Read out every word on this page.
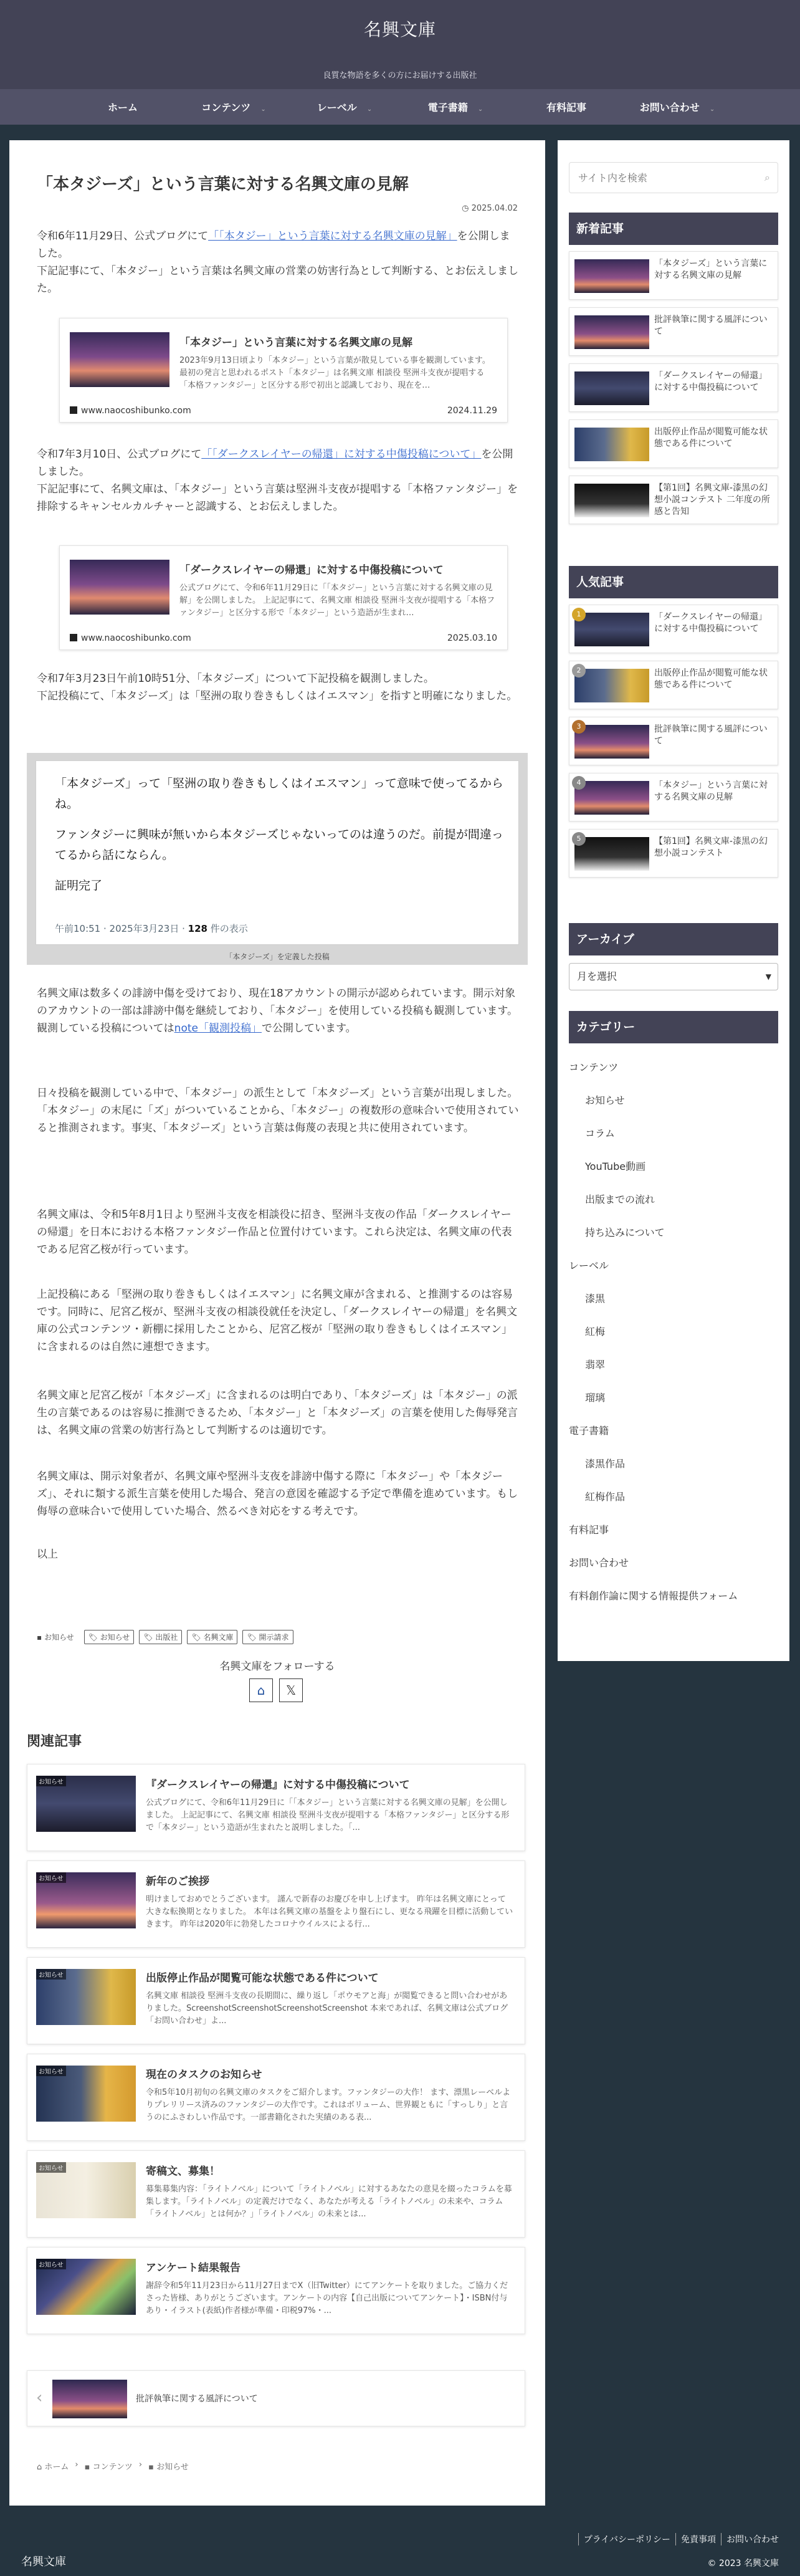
名興文庫
良質な物語を多くの方にお届けする出版社
ホーム	コンテンツ ⌄	レーベル ⌄	電子書籍 ⌄	有料記事	お問い合わせ ⌄
「本タジーズ」という言葉に対する名興文庫の見解
◷ 2025.04.02
令和6年11月29日、公式ブログにて「「本タジー」という言葉に対する名興文庫の見解」を公開しました。
下記記事にて、「本タジー」という言葉は名興文庫の営業の妨害行為として判断する、とお伝えしました。
「本タジー」という言葉に対する名興文庫の見解
2023年9月13日頃より「本タジー」という言葉が散見している事を観測しています。最初の発言と思われるポスト「本タジー」は名興文庫 相談役 堅洲斗支夜が提唱する「本格ファンタジー」と区分する形で初出と認識しており、現在を…
www.naocoshibunko.com	2024.11.29
令和7年3月10日、公式ブログにて「「ダークスレイヤーの帰還」に対する中傷投稿について」を公開しました。
下記記事にて、名興文庫は、「本タジー」という言葉は堅洲斗支夜が提唱する「本格ファンタジー」を排除するキャンセルカルチャーと認識する、とお伝えしました。
「ダークスレイヤーの帰還」に対する中傷投稿について
公式ブログにて、令和6年11月29日に「「本タジー」という言葉に対する名興文庫の見解」を公開しました。 上記記事にて、名興文庫 相談役 堅洲斗支夜が提唱する「本格ファンタジー」と区分する形で「本タジー」という造語が生まれ…
www.naocoshibunko.com	2025.03.10
令和7年3月23日午前10時51分、「本タジーズ」について下記投稿を観測しました。
下記投稿にて、「本タジーズ」は「堅洲の取り巻きもしくはイエスマン」を指すと明確になりました。
「本タジーズ」って「堅洲の取り巻きもしくはイエスマン」って意味で使ってるからね。
ファンタジーに興味が無いから本タジーズじゃないってのは違うのだ。前提が間違ってるから話にならん。
証明完了
午前10:51 · 2025年3月23日 · 128 件の表示
「本タジーズ」を定義した投稿
名興文庫は数多くの誹謗中傷を受けており、現在18アカウントの開示が認められています。開示対象のアカウントの一部は誹謗中傷を継続しており、「本タジー」を使用している投稿も観測しています。
観測している投稿についてはnote「観測投稿」で公開しています。
日々投稿を観測している中で、「本タジー」の派生として「本タジーズ」という言葉が出現しました。
「本タジー」の末尾に「ズ」がついていることから、「本タジー」の複数形の意味合いで使用されていると推測されます。事実、「本タジーズ」という言葉は侮蔑の表現と共に使用されています。
名興文庫は、令和5年8月1日より堅洲斗支夜を相談役に招き、堅洲斗支夜の作品「ダークスレイヤーの帰還」を日本における本格ファンタジー作品と位置付けています。これら決定は、名興文庫の代表である尼宮乙桜が行っています。
上記投稿にある「堅洲の取り巻きもしくはイエスマン」に名興文庫が含まれる、と推測するのは容易です。同時に、尼宮乙桜が、堅洲斗支夜の相談役就任を決定し、「ダークスレイヤーの帰還」を名興文庫の公式コンテンツ・新棚に採用したことから、尼宮乙桜が「堅洲の取り巻きもしくはイエスマン」に含まれるのは自然に連想できます。
名興文庫と尼宮乙桜が「本タジーズ」に含まれるのは明白であり、「本タジーズ」は「本タジー」の派生の言葉であるのは容易に推測できるため、「本タジー」と「本タジーズ」の言葉を使用した侮辱発言は、名興文庫の営業の妨害行為として判断するのは適切です。
名興文庫は、開示対象者が、名興文庫や堅洲斗支夜を誹謗中傷する際に「本タジー」や「本タジーズ」、それに類する派生言葉を使用した場合、発言の意図を確認する予定で準備を進めています。もし侮辱の意味合いで使用していた場合、然るべき対応をする考えです。
以上
▪ お知らせ	🏷 お知らせ	🏷 出版社	🏷 名興文庫	🏷 開示請求
名興文庫をフォローする
⌂	𝕏
関連記事
お知らせ	『ダークスレイヤーの帰還』に対する中傷投稿について
公式ブログにて、令和6年11月29日に「「本タジー」という言葉に対する名興文庫の見解」を公開しました。 上記記事にて、名興文庫 相談役 堅洲斗支夜が提唱する「本格ファンタジー」と区分する形で「本タジー」という造語が生まれたと説明しました。「...
お知らせ	新年のご挨拶
明けましておめでとうございます。 謹んで新春のお慶びを申し上げます。 昨年は名興文庫にとって大きな転換期となりました。 本年は名興文庫の基盤をより盤石にし、更なる飛躍を目標に活動していきます。 昨年は2020年に勃発したコロナウイルスによる行...
お知らせ	出版停止作品が閲覧可能な状態である件について
名興文庫 相談役 堅洲斗支夜の長期間に、繰り返し「ポウモアと海」が閲覧できると問い合わせがありました。ScreenshotScreenshotScreenshotScreenshot 本来であれば、名興文庫は公式ブログ「お問い合わせ」よ...
お知らせ	現在のタスクのお知らせ
令和5年10月初旬の名興文庫のタスクをご紹介します。ファンタジーの大作！ ます、漂黒レーベルよりプレリリース済みのファンタジーの大作です。これはボリューム、世界観ともに「すっしり」と言うのにふさわしい作品です。一部書籍化された実績のある表...
お知らせ	寄稿文、募集！
募集募集内容：「ライトノベル」について「ライトノベル」に対するあなたの意見を綴ったコラムを募集します。「ライトノベル」の定義だけでなく、あなたが考える「ライトノベル」の未来や、コラム「ライトノベル」とは何か？」「ライトノベル」の未来とは...
お知らせ	アンケート結果報告
謝辞令和5年11月23日から11月27日までX（旧Twitter）にてアンケートを取りました。ご協力くださった皆様、ありがとうございます。アンケートの内容【自己出版についてアンケート】・ISBN付与あり・イラスト(表紙)作者様が準備・印税97%・...
‹	批評執筆に関する風評について
⌂ ホーム › ▪ コンテンツ › ▪ お知らせ
サイト内を検索
⌕
新着記事
「本タジーズ」という言葉に対する名興文庫の見解
批評執筆に関する風評について
「ダークスレイヤーの帰還」に対する中傷投稿について
出版停止作品が閲覧可能な状態である件について
【第1回】名興文庫-漆黒の幻想小説コンテスト 二年度の所感と告知
人気記事
1	「ダークスレイヤーの帰還」に対する中傷投稿について
2	出版停止作品が閲覧可能な状態である件について
3	批評執筆に関する風評について
4	「本タジー」という言葉に対する名興文庫の見解
5	【第1回】名興文庫-漆黒の幻想小説コンテスト
アーカイブ
月を選択	▼
カテゴリー
コンテンツ
お知らせ
コラム
YouTube動画
出版までの流れ
持ち込みについて
レーベル
漆黒
紅梅
翡翠
瑠璃
電子書籍
漆黒作品
紅梅作品
有料記事
お問い合わせ
有料創作論に関する情報提供フォーム
プライバシーポリシー	免責事項	お問い合わせ
名興文庫	© 2023 名興文庫
